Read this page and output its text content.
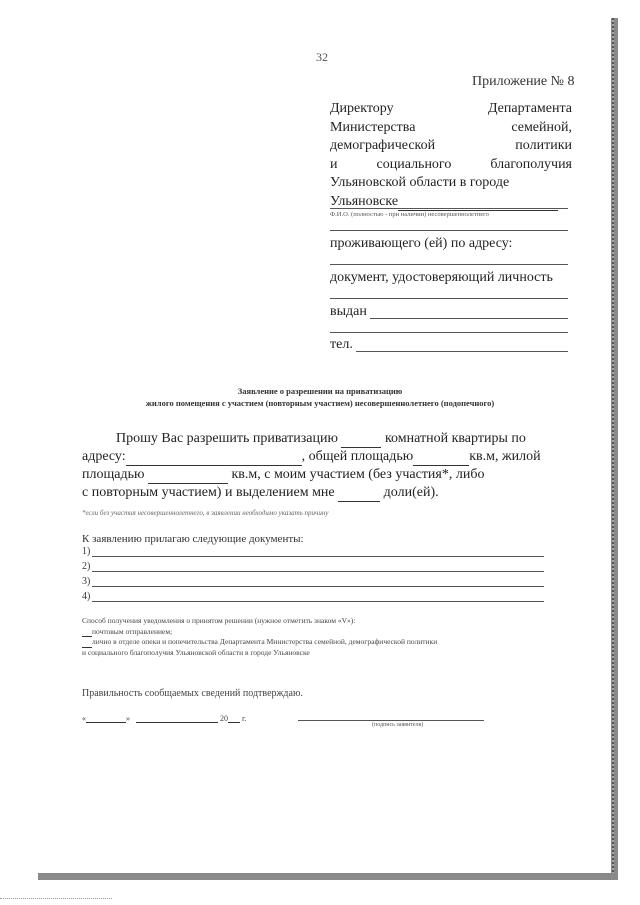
32
Приложение № 8
Директору Департамента
Министерства семейной,
демографической политики
и социального благополучия
Ульяновской области в городе
Ульяновске
Ф.И.О. (полностью - при наличии) несовершеннолетнего
проживающего (ей) по адресу:
документ, удостоверяющий личность
выдан
тел.
Заявление о разрешении на приватизацию
жилого помещения с участием (повторным участием) несовершеннолетнего (подопечного)

Прошу Вас разрешить приватизацию	комнатной квартиры по

адресу:	, общей площадью	кв.м, жилой

площадью	кв.м, с моим участием (без участия*, либо

с повторным участием) и выделением мне	доли(ей).

*если без участия несовершеннолетнего, в заявлении необходимо указать причину
К заявлению прилагаю следующие документы:
1)
2)
3)
4)
Способ получения уведомления о принятом решении (нужное отметить знаком «V»):
почтовым отправлением;
лично в отделе опеки и попечительства Департамента Министерства семейной, демографической политики
и социального благополучия Ульяновской области в городе Ульяновске
Правильность сообщаемых сведений подтверждаю.
«	»	20 г.
(подпись заявителя)
